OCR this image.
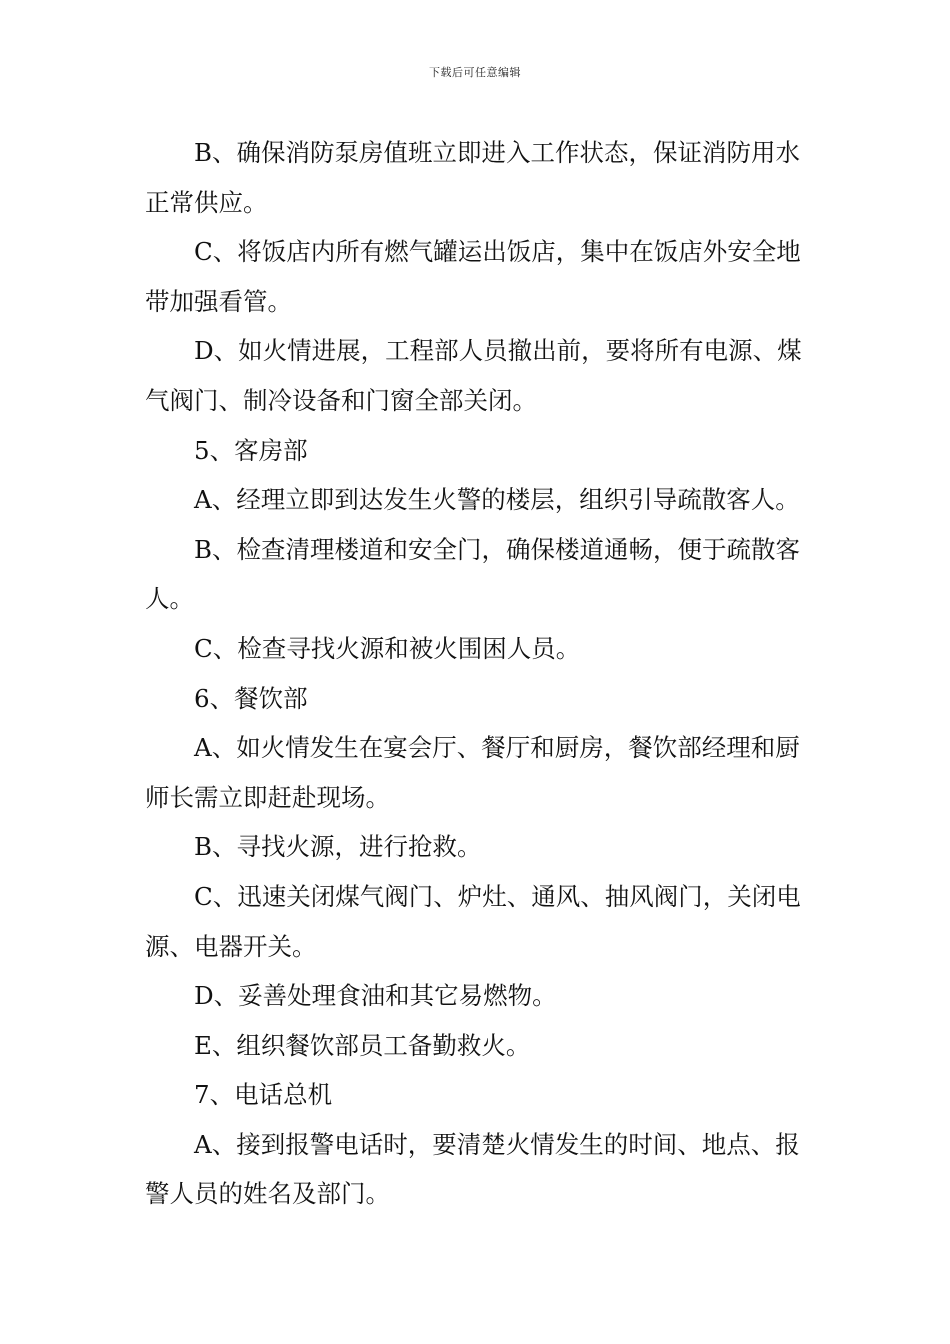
下载后可任意编辑

B、确保消防泵房值班立即进入工作状态，保证消防用水正常供应。

C、将饭店内所有燃气罐运出饭店，集中在饭店外安全地带加强看管。

D、如火情进展，工程部人员撤出前，要将所有电源、煤气阀门、制冷设备和门窗全部关闭。

5、客房部

A、经理立即到达发生火警的楼层，组织引导疏散客人。

B、检查清理楼道和安全门，确保楼道通畅，便于疏散客人。

C、检查寻找火源和被火围困人员。

6、餐饮部

A、如火情发生在宴会厅、餐厅和厨房，餐饮部经理和厨师长需立即赶赴现场。

B、寻找火源，进行抢救。

C、迅速关闭煤气阀门、炉灶、通风、抽风阀门，关闭电源、电器开关。

D、妥善处理食油和其它易燃物。

E、组织餐饮部员工备勤救火。

7、电话总机

A、接到报警电话时，要清楚火情发生的时间、地点、报警人员的姓名及部门。
